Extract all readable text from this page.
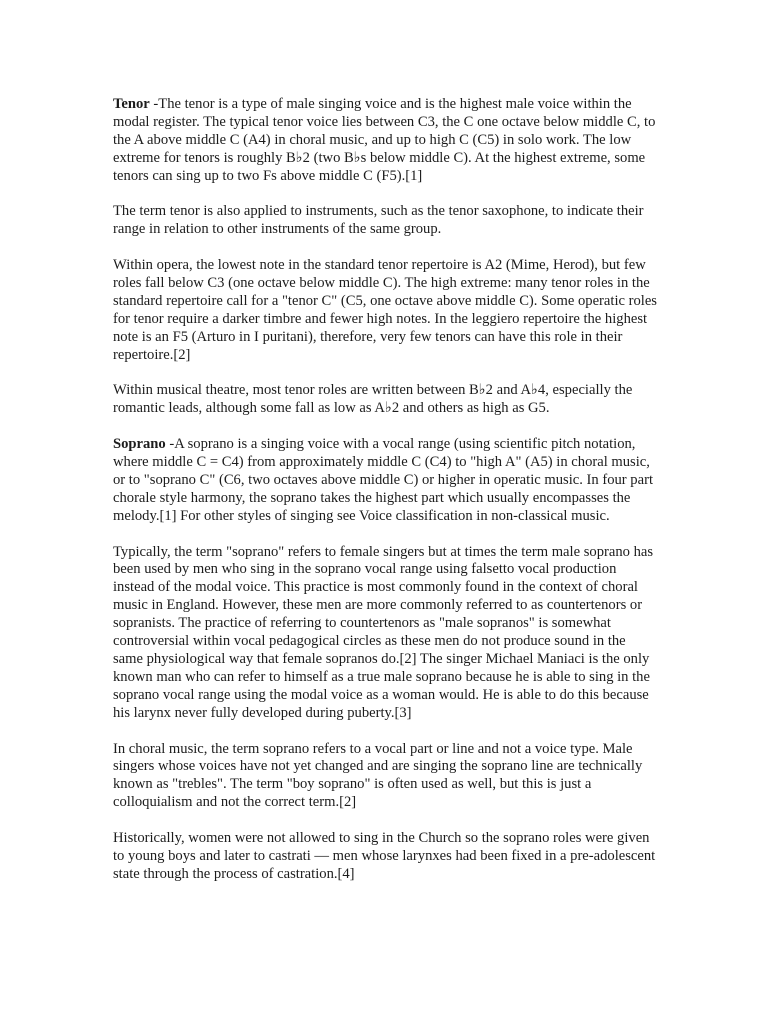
Tenor -The tenor is a type of male singing voice and is the highest male voice within the modal register. The typical tenor voice lies between C3, the C one octave below middle C, to the A above middle C (A4) in choral music, and up to high C (C5) in solo work. The low extreme for tenors is roughly B♭2 (two B♭s below middle C). At the highest extreme, some tenors can sing up to two Fs above middle C (F5).[1]

The term tenor is also applied to instruments, such as the tenor saxophone, to indicate their range in relation to other instruments of the same group.

Within opera, the lowest note in the standard tenor repertoire is A2 (Mime, Herod), but few roles fall below C3 (one octave below middle C). The high extreme: many tenor roles in the standard repertoire call for a "tenor C" (C5, one octave above middle C). Some operatic roles for tenor require a darker timbre and fewer high notes. In the leggiero repertoire the highest note is an F5 (Arturo in I puritani), therefore, very few tenors can have this role in their repertoire.[2]

Within musical theatre, most tenor roles are written between B♭2 and A♭4, especially the romantic leads, although some fall as low as A♭2 and others as high as G5.

Soprano -A soprano is a singing voice with a vocal range (using scientific pitch notation, where middle C = C4) from approximately middle C (C4) to "high A" (A5) in choral music, or to "soprano C" (C6, two octaves above middle C) or higher in operatic music. In four part chorale style harmony, the soprano takes the highest part which usually encompasses the melody.[1] For other styles of singing see Voice classification in non-classical music.

Typically, the term "soprano" refers to female singers but at times the term male soprano has been used by men who sing in the soprano vocal range using falsetto vocal production instead of the modal voice. This practice is most commonly found in the context of choral music in England. However, these men are more commonly referred to as countertenors or sopranists. The practice of referring to countertenors as "male sopranos" is somewhat controversial within vocal pedagogical circles as these men do not produce sound in the same physiological way that female sopranos do.[2] The singer Michael Maniaci is the only known man who can refer to himself as a true male soprano because he is able to sing in the soprano vocal range using the modal voice as a woman would. He is able to do this because his larynx never fully developed during puberty.[3]

In choral music, the term soprano refers to a vocal part or line and not a voice type. Male singers whose voices have not yet changed and are singing the soprano line are technically known as "trebles". The term "boy soprano" is often used as well, but this is just a colloquialism and not the correct term.[2]

Historically, women were not allowed to sing in the Church so the soprano roles were given to young boys and later to castrati — men whose larynxes had been fixed in a pre-adolescent state through the process of castration.[4]
